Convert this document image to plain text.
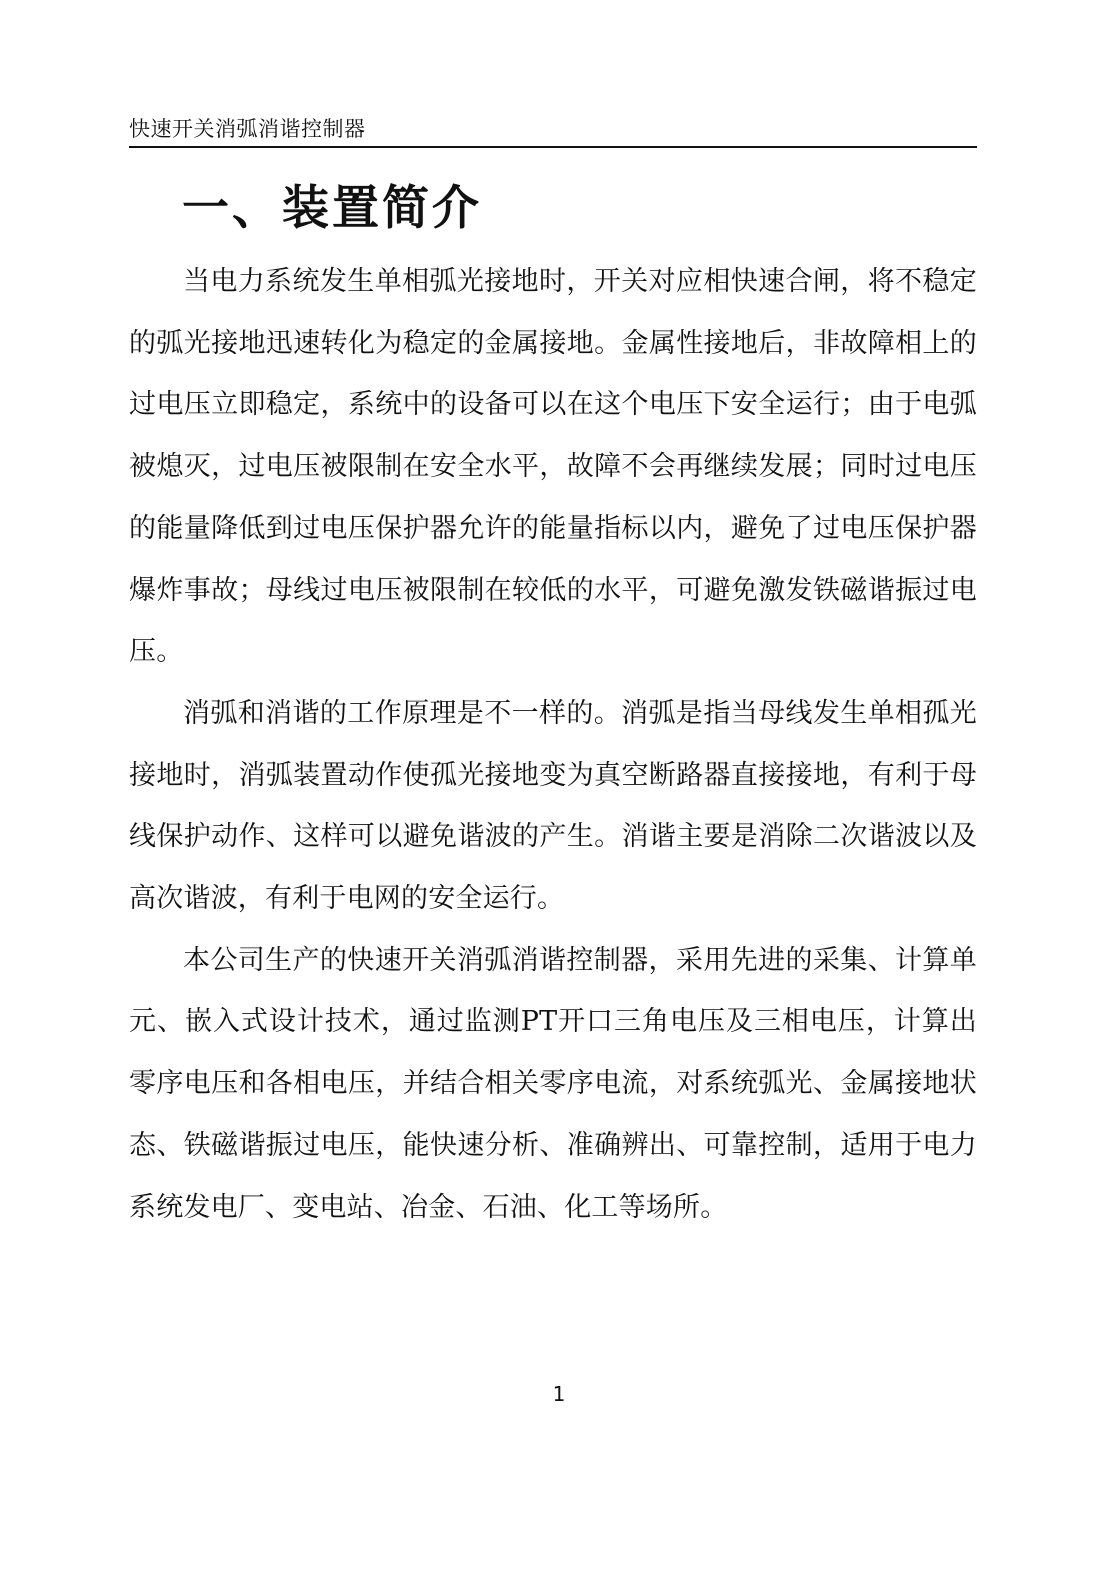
快速开关消弧消谐控制器
一、装置简介

当电力系统发生单相弧光接地时，开关对应相快速合闸，将不稳定的弧光接地迅速转化为稳定的金属接地。金属性接地后，非故障相上的过电压立即稳定，系统中的设备可以在这个电压下安全运行；由于电弧被熄灭，过电压被限制在安全水平，故障不会再继续发展；同时过电压的能量降低到过电压保护器允许的能量指标以内，避免了过电压保护器爆炸事故；母线过电压被限制在较低的水平，可避免激发铁磁谐振过电压。

消弧和消谐的工作原理是不一样的。消弧是指当母线发生单相孤光接地时，消弧装置动作使孤光接地变为真空断路器直接接地，有利于母线保护动作、这样可以避免谐波的产生。消谐主要是消除二次谐波以及高次谐波，有利于电网的安全运行。

本公司生产的快速开关消弧消谐控制器，采用先进的采集、计算单元、嵌入式设计技术，通过监测PT开口三角电压及三相电压，计算出零序电压和各相电压，并结合相关零序电流，对系统弧光、金属接地状态、铁磁谐振过电压，能快速分析、准确辨出、可靠控制，适用于电力系统发电厂、变电站、冶金、石油、化工等场所。

1
